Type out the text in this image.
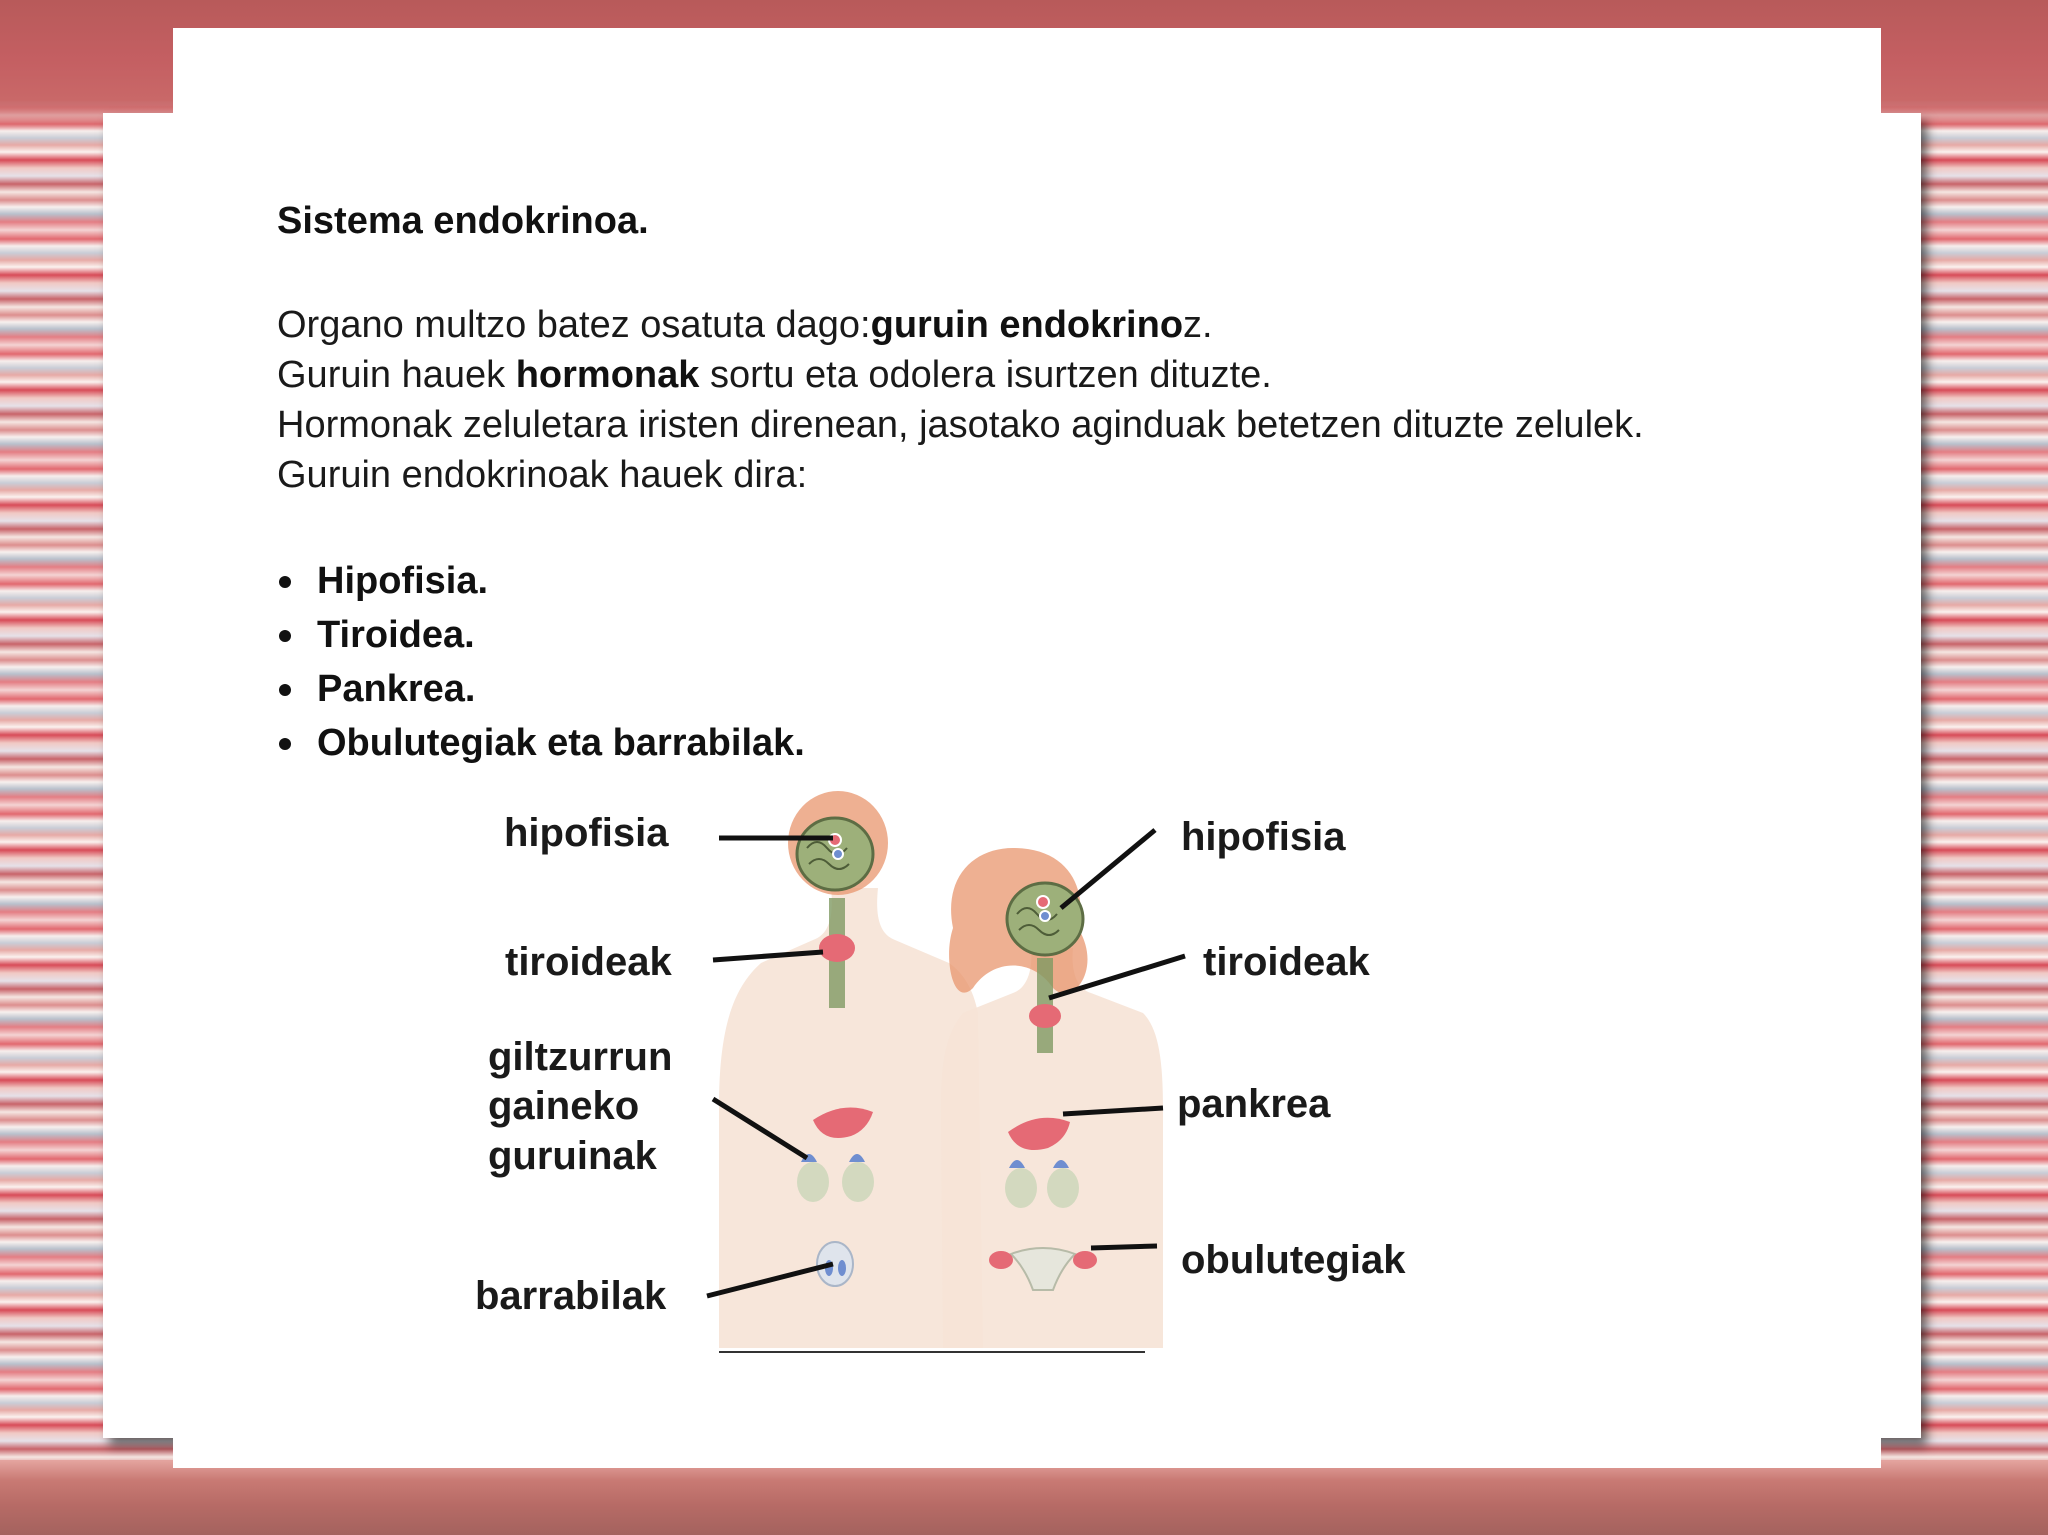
Sistema endokrinoa.

Organo multzo batez osatuta dago:guruin endokrinoz.

Guruin hauek hormonak sortu eta odolera isurtzen dituzte.

Hormonak zeluletara iristen direnean, jasotako aginduak betetzen dituzte zelulek.

Guruin endokrinoak hauek dira:

Hipofisia.
Tiroidea.
Pankrea.
Obulutegiak eta barrabilak.
hipofisia
tiroideak
giltzurrun
gaineko
guruinak
barrabilak
hipofisia
tiroideak
pankrea
obulutegiak
